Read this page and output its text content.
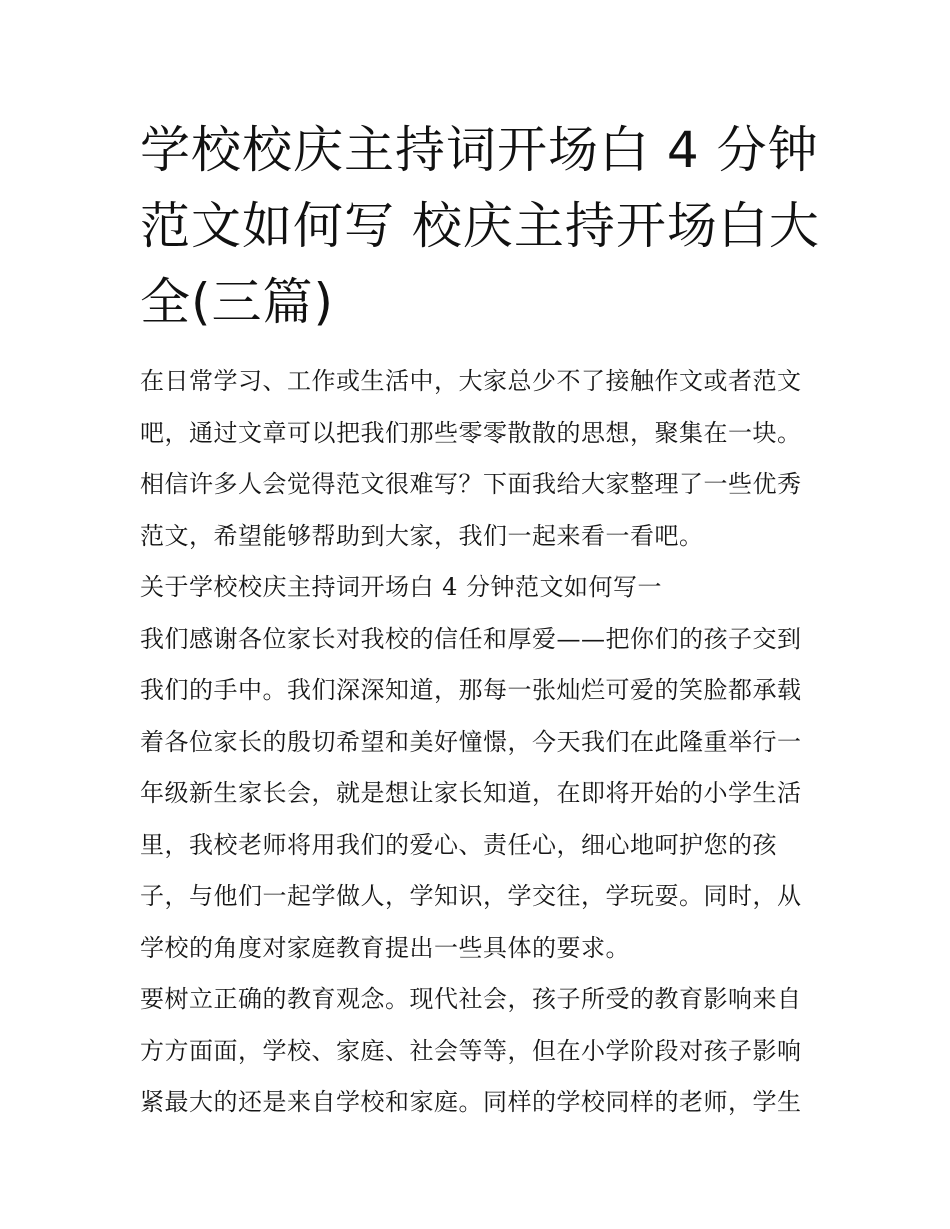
学校校庆主持词开场白 4 分钟
范文如何写 校庆主持开场白大
全(三篇)
在日常学习、工作或生活中，大家总少不了接触作文或者范文
吧，通过文章可以把我们那些零零散散的思想，聚集在一块。
相信许多人会觉得范文很难写？下面我给大家整理了一些优秀
范文，希望能够帮助到大家，我们一起来看一看吧。
关于学校校庆主持词开场白 4 分钟范文如何写一
我们感谢各位家长对我校的信任和厚爱——把你们的孩子交到
我们的手中。我们深深知道，那每一张灿烂可爱的笑脸都承载
着各位家长的殷切希望和美好憧憬，今天我们在此隆重举行一
年级新生家长会，就是想让家长知道，在即将开始的小学生活
里，我校老师将用我们的爱心、责任心，细心地呵护您的孩
子，与他们一起学做人，学知识，学交往，学玩耍。同时，从
学校的角度对家庭教育提出一些具体的要求。
要树立正确的教育观念。现代社会，孩子所受的教育影响来自
方方面面，学校、家庭、社会等等，但在小学阶段对孩子影响
紧最大的还是来自学校和家庭。同样的学校同样的老师，学生
